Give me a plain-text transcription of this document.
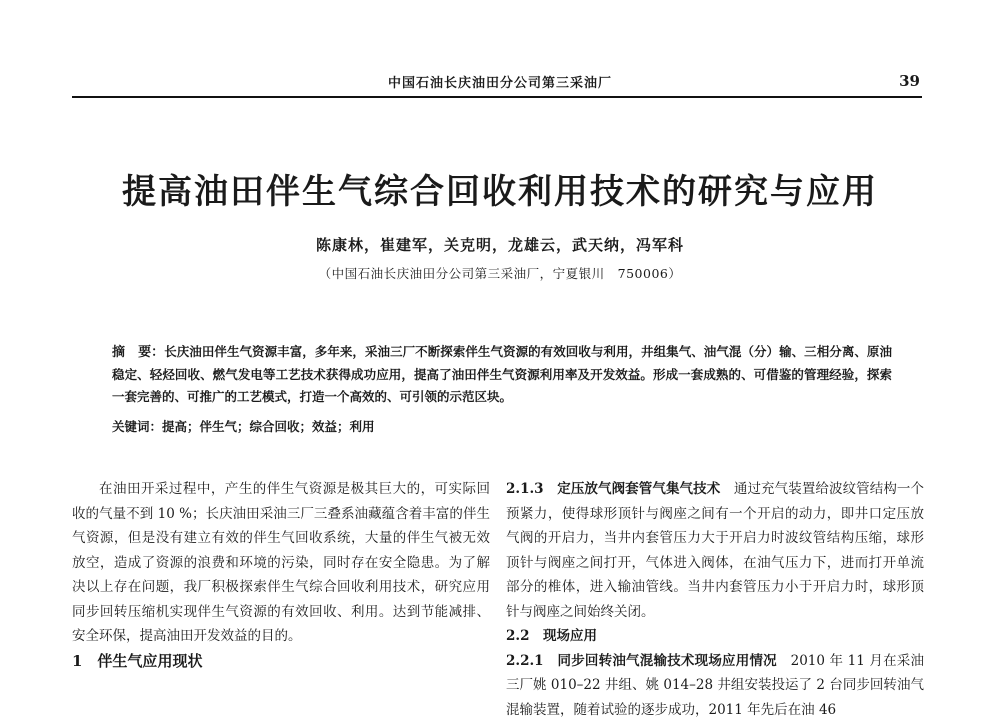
中国石油长庆油田分公司第三采油厂	39
提高油田伴生气综合回收利用技术的研究与应用
陈康林，崔建军，关克明，龙雄云，武天纳，冯军科
（中国石油长庆油田分公司第三采油厂，宁夏银川　750006）
摘　要：长庆油田伴生气资源丰富，多年来，采油三厂不断探索伴生气资源的有效回收与利用，井组集气、油气混（分）输、三相分离、原油稳定、轻烃回收、燃气发电等工艺技术获得成功应用，提高了油田伴生气资源利用率及开发效益。形成一套成熟的、可借鉴的管理经验，探索一套完善的、可推广的工艺模式，打造一个高效的、可引领的示范区块。
关键词：提高；伴生气；综合回收；效益；利用

在油田开采过程中，产生的伴生气资源是极其巨大的，可实际回收的气量不到 10 %；长庆油田采油三厂三叠系油藏蕴含着丰富的伴生气资源，但是没有建立有效的伴生气回收系统，大量的伴生气被无效放空，造成了资源的浪费和环境的污染，同时存在安全隐患。为了解决以上存在问题，我厂积极探索伴生气综合回收利用技术，研究应用同步回转压缩机实现伴生气资源的有效回收、利用。达到节能减排、安全环保，提高油田开发效益的目的。

1　伴生气应用现状

2.1.3　定压放气阀套管气集气技术　 通过充气装置给波纹管结构一个预紧力，使得球形顶针与阀座之间有一个开启的动力，即井口定压放气阀的开启力，当井内套管压力大于开启力时波纹管结构压缩，球形顶针与阀座之间打开，气体进入阀体，在油气压力下，进而打开单流部分的椎体，进入输油管线。当井内套管压力小于开启力时，球形顶针与阀座之间始终关闭。

2.2　现场应用

2.2.1　同步回转油气混输技术现场应用情况　 2010 年 11 月在采油三厂姚 010–22 井组、姚 014–28 井组安装投运了 2 台同步回转油气混输装置，随着试验的逐步成功，2011 年先后在油 46
